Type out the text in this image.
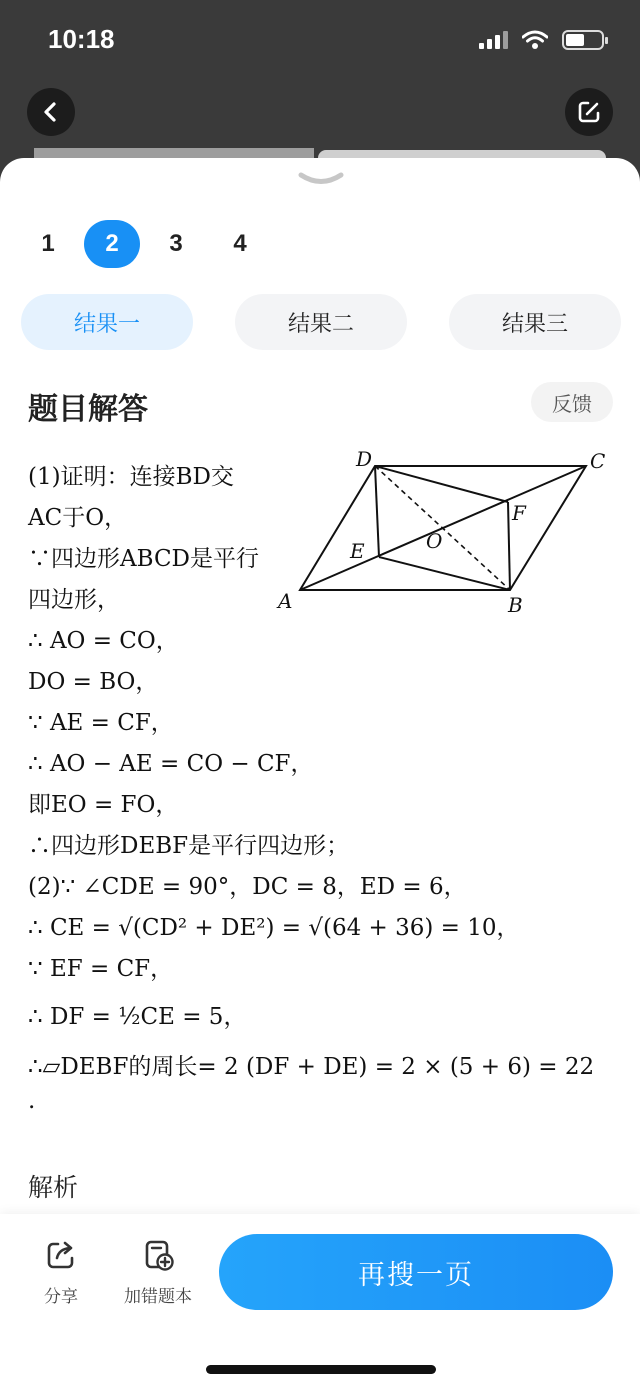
10:18
1	2	3	4
结果一	结果二	结果三
题目解答	反馈
A	B
C
D
E
F
O
(1)证明：连接BD交
AC于O，
∵四边形ABCD是平行
四边形，
∴ AO = CO，
DO = BO，
∵ AE = CF，
∴ AO − AE = CO − CF，
即EO = FO，
∴四边形DEBF是平行四边形；
(2)∵ ∠CDE = 90°，DC = 8，ED = 6，
∴ CE = √(CD² + DE²) = √(64 + 36) = 10，
∵ EF = CF，
∴ DF = ½CE = 5，
∴▱DEBF的周长= 2 (DF + DE) = 2 × (5 + 6) = 22
.
解析
分享	加错题本
再搜一页
